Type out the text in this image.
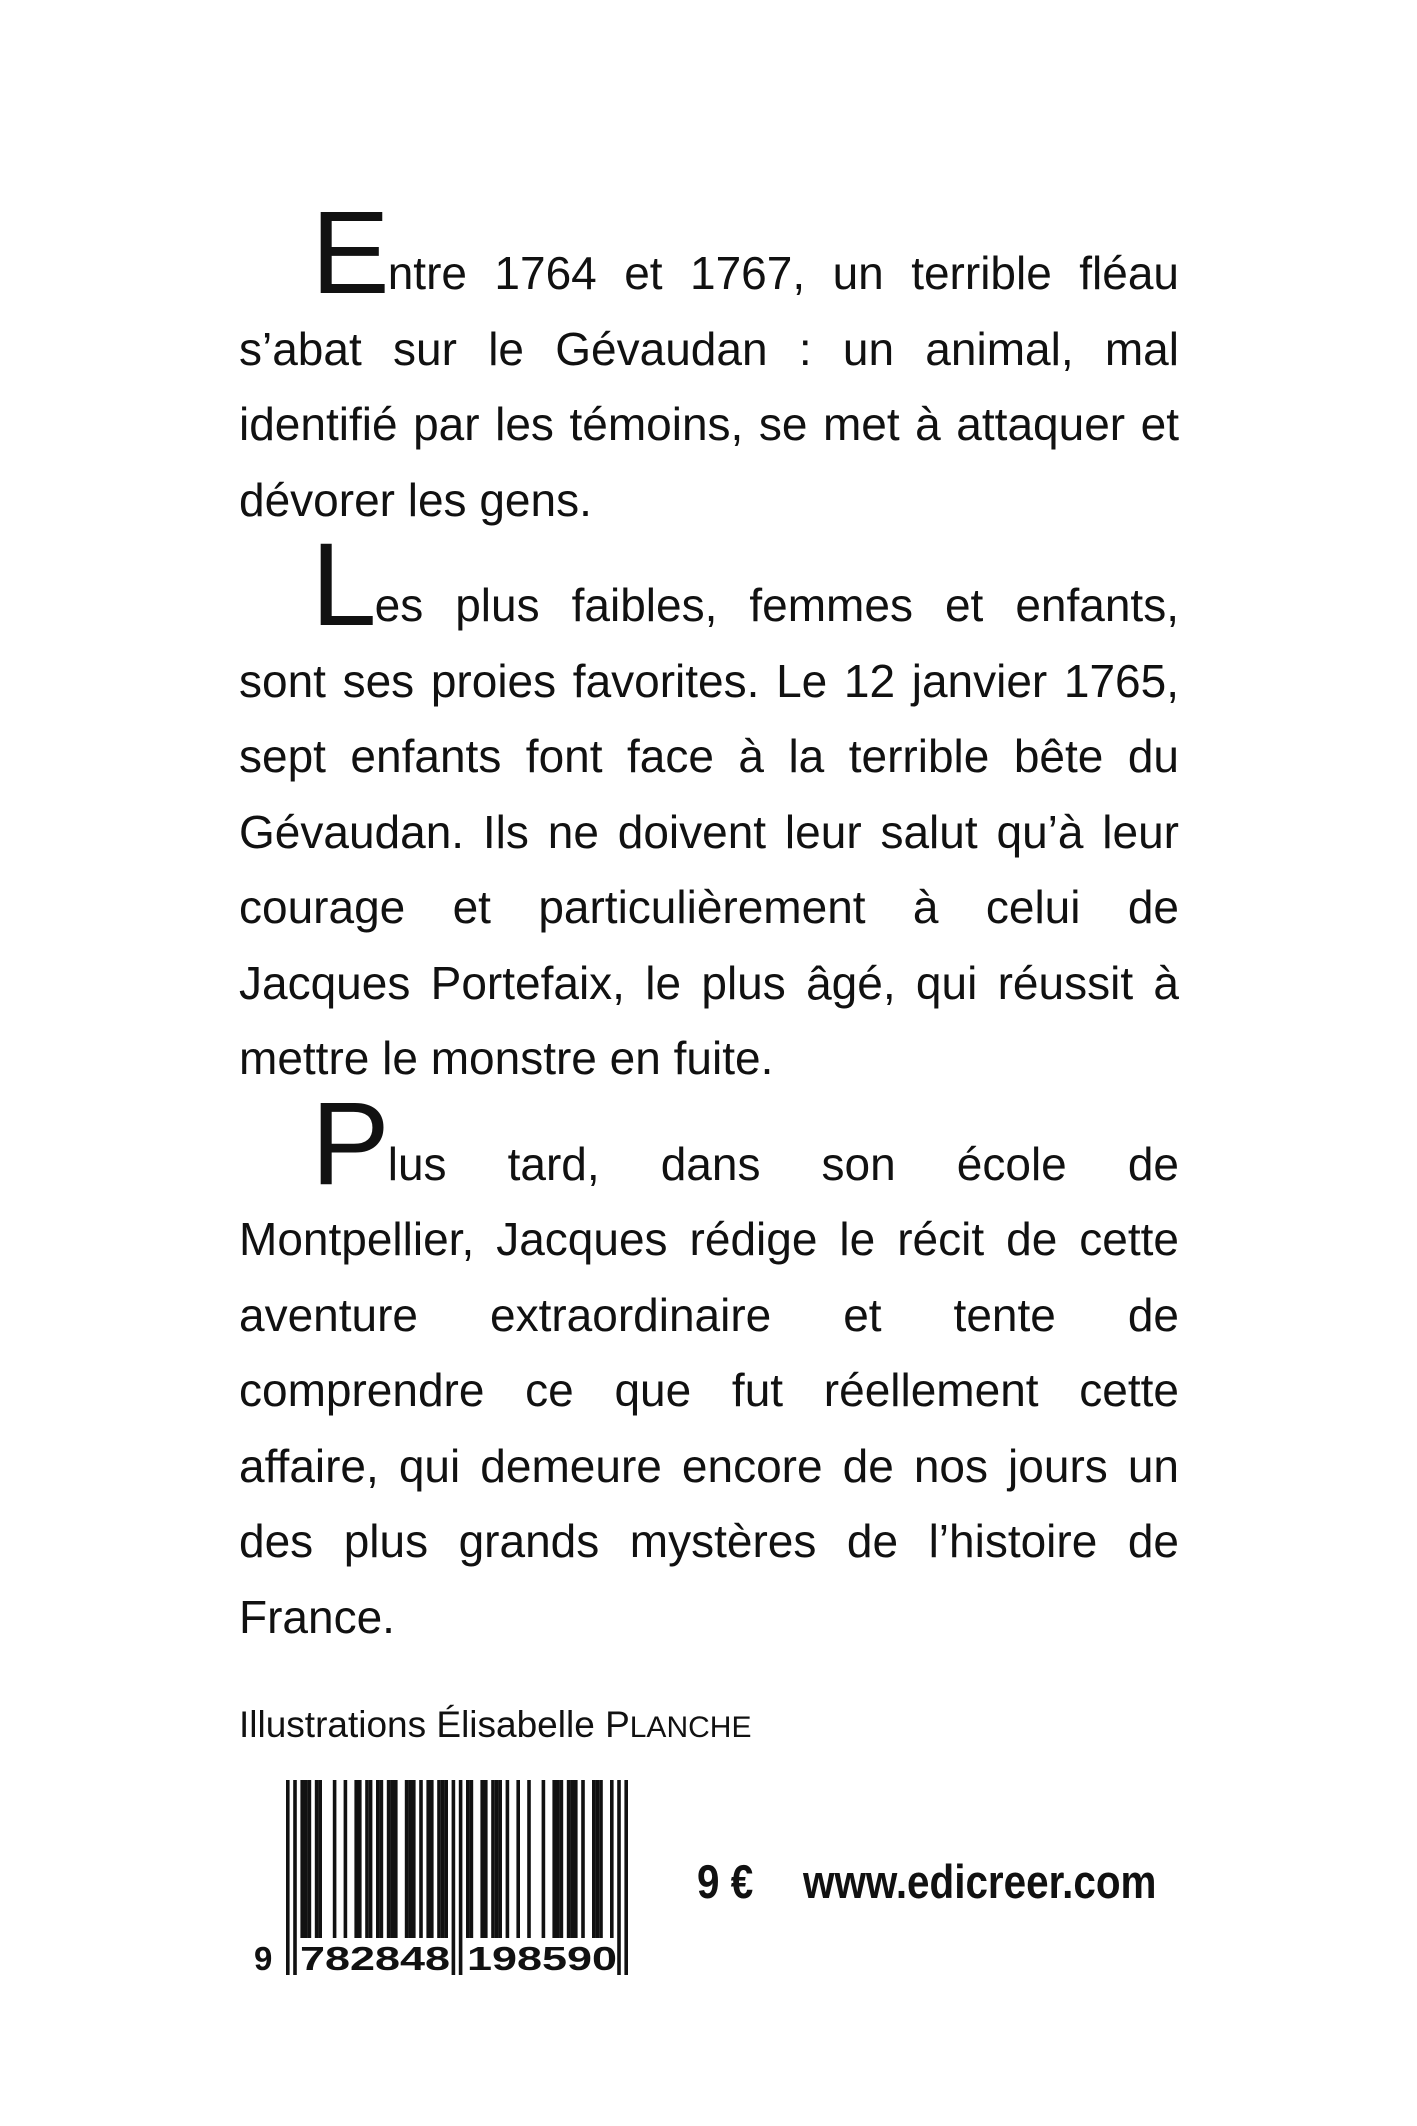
Entre 1764 et 1767, un terrible fléau s’abat sur le Gévaudan : un animal, mal identifié par les témoins, se met à attaquer et dévorer les gens.

Les plus faibles, femmes et enfants, sont ses proies favorites. Le 12 janvier 1765, sept enfants font face à la terrible bête du Gévaudan. Ils ne doivent leur salut qu’à leur courage et particulièrement à celui de Jacques Portefaix, le plus âgé, qui réussit à mettre le monstre en fuite.

Plus tard, dans son école de Montpellier, Jacques rédige le récit de cette aventure extraordinaire et tente de comprendre ce que fut réellement cette affaire, qui demeure encore de nos jours un des plus grands mystères de l’histoire de France.

Illustrations Élisabelle PLANCHE
9 782848 198590
9 € www.edicreer.com
